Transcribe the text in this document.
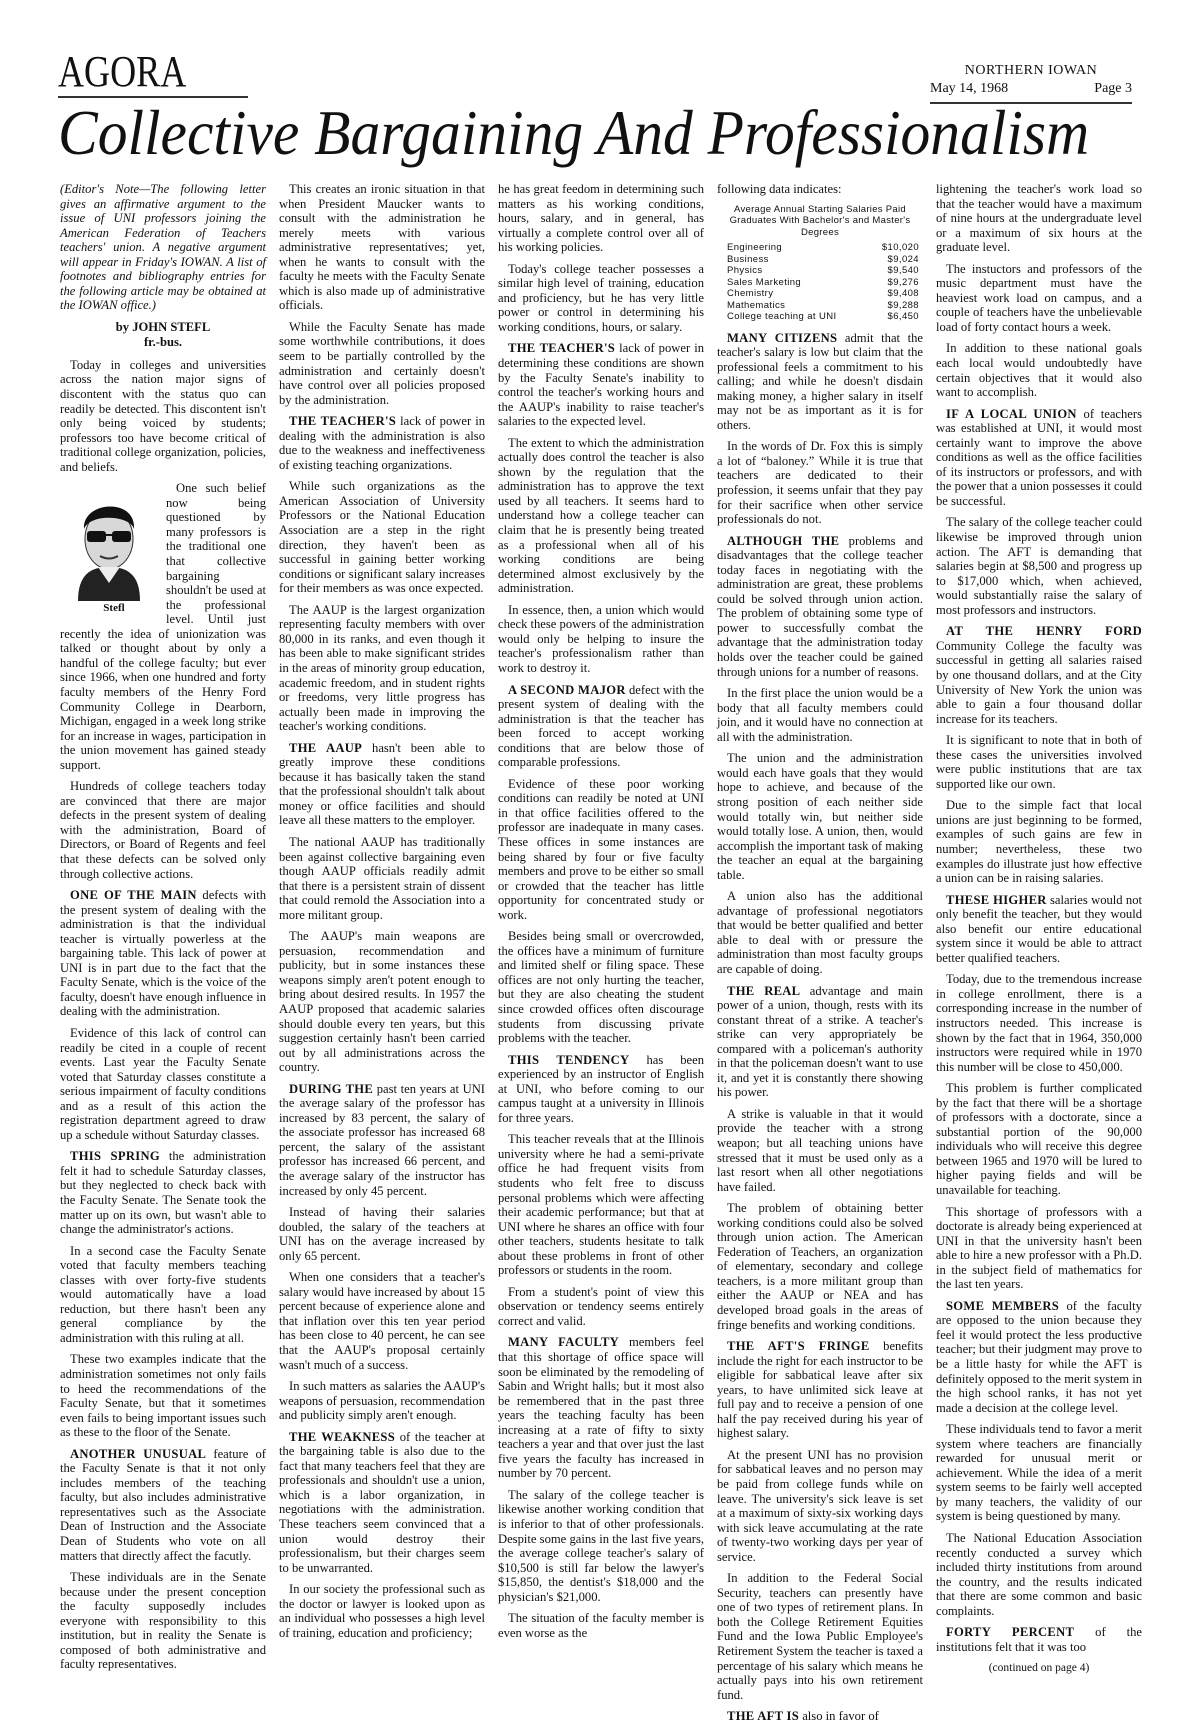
AGORA	NORTHERN IOWAN
May 14, 1968	Page 3
Collective Bargaining And Professionalism

(Editor's Note—The following letter gives an affirmative argument to the issue of UNI professors joining the American Federation of Teachers teachers' union. A negative argument will appear in Friday's IOWAN. A list of footnotes and bibliography entries for the following article may be obtained at the IOWAN office.)

by JOHN STEFL
fr.-bus.

Today in colleges and universities across the nation major signs of discontent with the status quo can readily be detected. This discontent isn't only being voiced by students; professors too have become critical of traditional college organization, policies, and beliefs.

Stefl
One such belief now being questioned by many professors is the traditional one that collective bargaining shouldn't be used at the professional level. Until just recently the idea of unionization was talked or thought about by only a handful of the college faculty; but ever since 1966, when one hundred and forty faculty members of the Henry Ford Community College in Dearborn, Michigan, engaged in a week long strike for an increase in wages, participation in the union movement has gained steady support.

Hundreds of college teachers today are convinced that there are major defects in the present system of dealing with the administration, Board of Directors, or Board of Regents and feel that these defects can be solved only through collective actions.

ONE OF THE MAIN defects with the present system of dealing with the administration is that the individual teacher is virtually powerless at the bargaining table. This lack of power at UNI is in part due to the fact that the Faculty Senate, which is the voice of the faculty, doesn't have enough influence in dealing with the administration.

Evidence of this lack of control can readily be cited in a couple of recent events. Last year the Faculty Senate voted that Saturday classes constitute a serious impairment of faculty conditions and as a result of this action the registration department agreed to draw up a schedule without Saturday classes.

THIS SPRING the administration felt it had to schedule Saturday classes, but they neglected to check back with the Faculty Senate. The Senate took the matter up on its own, but wasn't able to change the administrator's actions.

In a second case the Faculty Senate voted that faculty members teaching classes with over forty-five students would automatically have a load reduction, but there hasn't been any general compliance by the administration with this ruling at all.

These two examples indicate that the administration sometimes not only fails to heed the recommendations of the Faculty Senate, but that it sometimes even fails to being important issues such as these to the floor of the Senate.

ANOTHER UNUSUAL feature of the Faculty Senate is that it not only includes members of the teaching faculty, but also includes administrative representatives such as the Associate Dean of Instruction and the Associate Dean of Students who vote on all matters that directly affect the facutly.

These individuals are in the Senate because under the present conception the faculty supposedly includes everyone with responsibility to this institution, but in reality the Senate is composed of both administrative and faculty representatives.

This creates an ironic situation in that when President Maucker wants to consult with the administration he merely meets with various administrative representatives; yet, when he wants to consult with the faculty he meets with the Faculty Senate which is also made up of administrative officials.

While the Faculty Senate has made some worthwhile contributions, it does seem to be partially controlled by the administration and certainly doesn't have control over all policies proposed by the administration.

THE TEACHER'S lack of power in dealing with the administration is also due to the weakness and ineffectiveness of existing teaching organizations.

While such organizations as the American Association of University Professors or the National Education Association are a step in the right direction, they haven't been as successful in gaining better working conditions or significant salary increases for their members as was once expected.

The AAUP is the largest organization representing faculty members with over 80,000 in its ranks, and even though it has been able to make significant strides in the areas of minority group education, academic freedom, and in student rights or freedoms, very little progress has actually been made in improving the teacher's working conditions.

THE AAUP hasn't been able to greatly improve these conditions because it has basically taken the stand that the professional shouldn't talk about money or office facilities and should leave all these matters to the employer.

The national AAUP has traditionally been against collective bargaining even though AAUP officials readily admit that there is a persistent strain of dissent that could remold the Association into a more militant group.

The AAUP's main weapons are persuasion, recommendation and publicity, but in some instances these weapons simply aren't potent enough to bring about desired results. In 1957 the AAUP proposed that academic salaries should double every ten years, but this suggestion certainly hasn't been carried out by all administrations across the country.

DURING THE past ten years at UNI the average salary of the professor has increased by 83 percent, the salary of the associate professor has increased 68 percent, the salary of the assistant professor has increased 66 percent, and the average salary of the instructor has increased by only 45 percent.

Instead of having their salaries doubled, the salary of the teachers at UNI has on the average increased by only 65 percent.

When one considers that a teacher's salary would have increased by about 15 percent because of experience alone and that inflation over this ten year period has been close to 40 percent, he can see that the AAUP's proposal certainly wasn't much of a success.

In such matters as salaries the AAUP's weapons of persuasion, recommendation and publicity simply aren't enough.

THE WEAKNESS of the teacher at the bargaining table is also due to the fact that many teachers feel that they are professionals and shouldn't use a union, which is a labor organization, in negotiations with the administration. These teachers seem convinced that a union would destroy their professionalism, but their charges seem to be unwarranted.

In our society the professional such as the doctor or lawyer is looked upon as an individual who possesses a high level of training, education and proficiency;

he has great feedom in determining such matters as his working conditions, hours, salary, and in general, has virtually a complete control over all of his working policies.

Today's college teacher possesses a similar high level of training, education and proficiency, but he has very little power or control in determining his working conditions, hours, or salary.

THE TEACHER'S lack of power in determining these conditions are shown by the Faculty Senate's inability to control the teacher's working hours and the AAUP's inability to raise teacher's salaries to the expected level.

The extent to which the administration actually does control the teacher is also shown by the regulation that the administration has to approve the text used by all teachers. It seems hard to understand how a college teacher can claim that he is presently being treated as a professional when all of his working conditions are being determined almost exclusively by the administration.

In essence, then, a union which would check these powers of the administration would only be helping to insure the teacher's professionalism rather than work to destroy it.

A SECOND MAJOR defect with the present system of dealing with the administration is that the teacher has been forced to accept working conditions that are below those of comparable professions.

Evidence of these poor working conditions can readily be noted at UNI in that office facilities offered to the professor are inadequate in many cases. These offices in some instances are being shared by four or five faculty members and prove to be either so small or crowded that the teacher has little opportunity for concentrated study or work.

Besides being small or overcrowded, the offices have a minimum of furniture and limited shelf or filing space. These offices are not only hurting the teacher, but they are also cheating the student since crowded offices often discourage students from discussing private problems with the teacher.

THIS TENDENCY has been experienced by an instructor of English at UNI, who before coming to our campus taught at a university in Illinois for three years.

This teacher reveals that at the Illinois university where he had a semi-private office he had frequent visits from students who felt free to discuss personal problems which were affecting their academic performance; but that at UNI where he shares an office with four other teachers, students hesitate to talk about these problems in front of other professors or students in the room.

From a student's point of view this observation or tendency seems entirely correct and valid.

MANY FACULTY members feel that this shortage of office space will soon be eliminated by the remodeling of Sabin and Wright halls; but it most also be remembered that in the past three years the teaching faculty has been increasing at a rate of fifty to sixty teachers a year and that over just the last five years the faculty has increased in number by 70 percent.

The salary of the college teacher is likewise another working condition that is inferior to that of other professionals. Despite some gains in the last five years, the average college teacher's salary of $10,500 is still far below the lawyer's $15,850, the dentist's $18,000 and the physician's $21,000.

The situation of the faculty member is even worse as the

following data indicates:

Average Annual Starting Salaries Paid Graduates With Bachelor's and Master's Degrees
Engineering	$10,020
Business	$9,024
Physics	$9,540
Sales Marketing	$9,276
Chemistry	$9,408
Mathematics	$9,288
College teaching at UNI	$6,450

MANY CITIZENS admit that the teacher's salary is low but claim that the professional feels a commitment to his calling; and while he doesn't disdain making money, a higher salary in itself may not be as important as it is for others.

In the words of Dr. Fox this is simply a lot of “baloney.” While it is true that teachers are dedicated to their profession, it seems unfair that they pay for their sacrifice when other service professionals do not.

ALTHOUGH THE problems and disadvantages that the college teacher today faces in negotiating with the administration are great, these problems could be solved through union action. The problem of obtaining some type of power to successfully combat the advantage that the administration today holds over the teacher could be gained through unions for a number of reasons.

In the first place the union would be a body that all faculty members could join, and it would have no connection at all with the administration.

The union and the administration would each have goals that they would hope to achieve, and because of the strong position of each neither side would totally win, but neither side would totally lose. A union, then, would accomplish the important task of making the teacher an equal at the bargaining table.

A union also has the additional advantage of professional negotiators that would be better qualified and better able to deal with or pressure the administration than most faculty groups are capable of doing.

THE REAL advantage and main power of a union, though, rests with its constant threat of a strike. A teacher's strike can very appropriately be compared with a policeman's authority in that the policeman doesn't want to use it, and yet it is constantly there showing his power.

A strike is valuable in that it would provide the teacher with a strong weapon; but all teaching unions have stressed that it must be used only as a last resort when all other negotiations have failed.

The problem of obtaining better working conditions could also be solved through union action. The American Federation of Teachers, an organization of elementary, secondary and college teachers, is a more militant group than either the AAUP or NEA and has developed broad goals in the areas of fringe benefits and working conditions.

THE AFT'S FRINGE benefits include the right for each instructor to be eligible for sabbatical leave after six years, to have unlimited sick leave at full pay and to receive a pension of one half the pay received during his year of highest salary.

At the present UNI has no provision for sabbatical leaves and no person may be paid from college funds while on leave. The university's sick leave is set at a maximum of sixty-six working days with sick leave accumulating at the rate of twenty-two working days per year of service.

In addition to the Federal Social Security, teachers can presently have one of two types of retirement plans. In both the College Retirement Equities Fund and the Iowa Public Employee's Retirement System the teacher is taxed a percentage of his salary which means he actually pays into his own retirement fund.

THE AFT IS also in favor of

lightening the teacher's work load so that the teacher would have a maximum of nine hours at the undergraduate level or a maximum of six hours at the graduate level.

The instuctors and professors of the music department must have the heaviest work load on campus, and a couple of teachers have the unbelievable load of forty contact hours a week.

In addition to these national goals each local would undoubtedly have certain objectives that it would also want to accomplish.

IF A LOCAL UNION of teachers was established at UNI, it would most certainly want to improve the above conditions as well as the office facilities of its instructors or professors, and with the power that a union possesses it could be successful.

The salary of the college teacher could likewise be improved through union action. The AFT is demanding that salaries begin at $8,500 and progress up to $17,000 which, when achieved, would substantially raise the salary of most professors and instructors.

AT THE HENRY FORD Community College the faculty was successful in getting all salaries raised by one thousand dollars, and at the City University of New York the union was able to gain a four thousand dollar increase for its teachers.

It is significant to note that in both of these cases the universities involved were public institutions that are tax supported like our own.

Due to the simple fact that local unions are just beginning to be formed, examples of such gains are few in number; nevertheless, these two examples do illustrate just how effective a union can be in raising salaries.

THESE HIGHER salaries would not only benefit the teacher, but they would also benefit our entire educational system since it would be able to attract better qualified teachers.

Today, due to the tremendous increase in college enrollment, there is a corresponding increase in the number of instructors needed. This increase is shown by the fact that in 1964, 350,000 instructors were required while in 1970 this number will be close to 450,000.

This problem is further complicated by the fact that there will be a shortage of professors with a doctorate, since a substantial portion of the 90,000 individuals who will receive this degree between 1965 and 1970 will be lured to higher paying fields and will be unavailable for teaching.

This shortage of professors with a doctorate is already being experienced at UNI in that the university hasn't been able to hire a new professor with a Ph.D. in the subject field of mathematics for the last ten years.

SOME MEMBERS of the faculty are opposed to the union because they feel it would protect the less productive teacher; but their judgment may prove to be a little hasty for while the AFT is definitely opposed to the merit system in the high school ranks, it has not yet made a decision at the college level.

These individuals tend to favor a merit system where teachers are financially rewarded for unusual merit or achievement. While the idea of a merit system seems to be fairly well accepted by many teachers, the validity of our system is being questioned by many.

The National Education Association recently conducted a survey which included thirty institutions from around the country, and the results indicated that there are some common and basic complaints.

FORTY PERCENT of the institutions felt that it was too

(continued on page 4)
